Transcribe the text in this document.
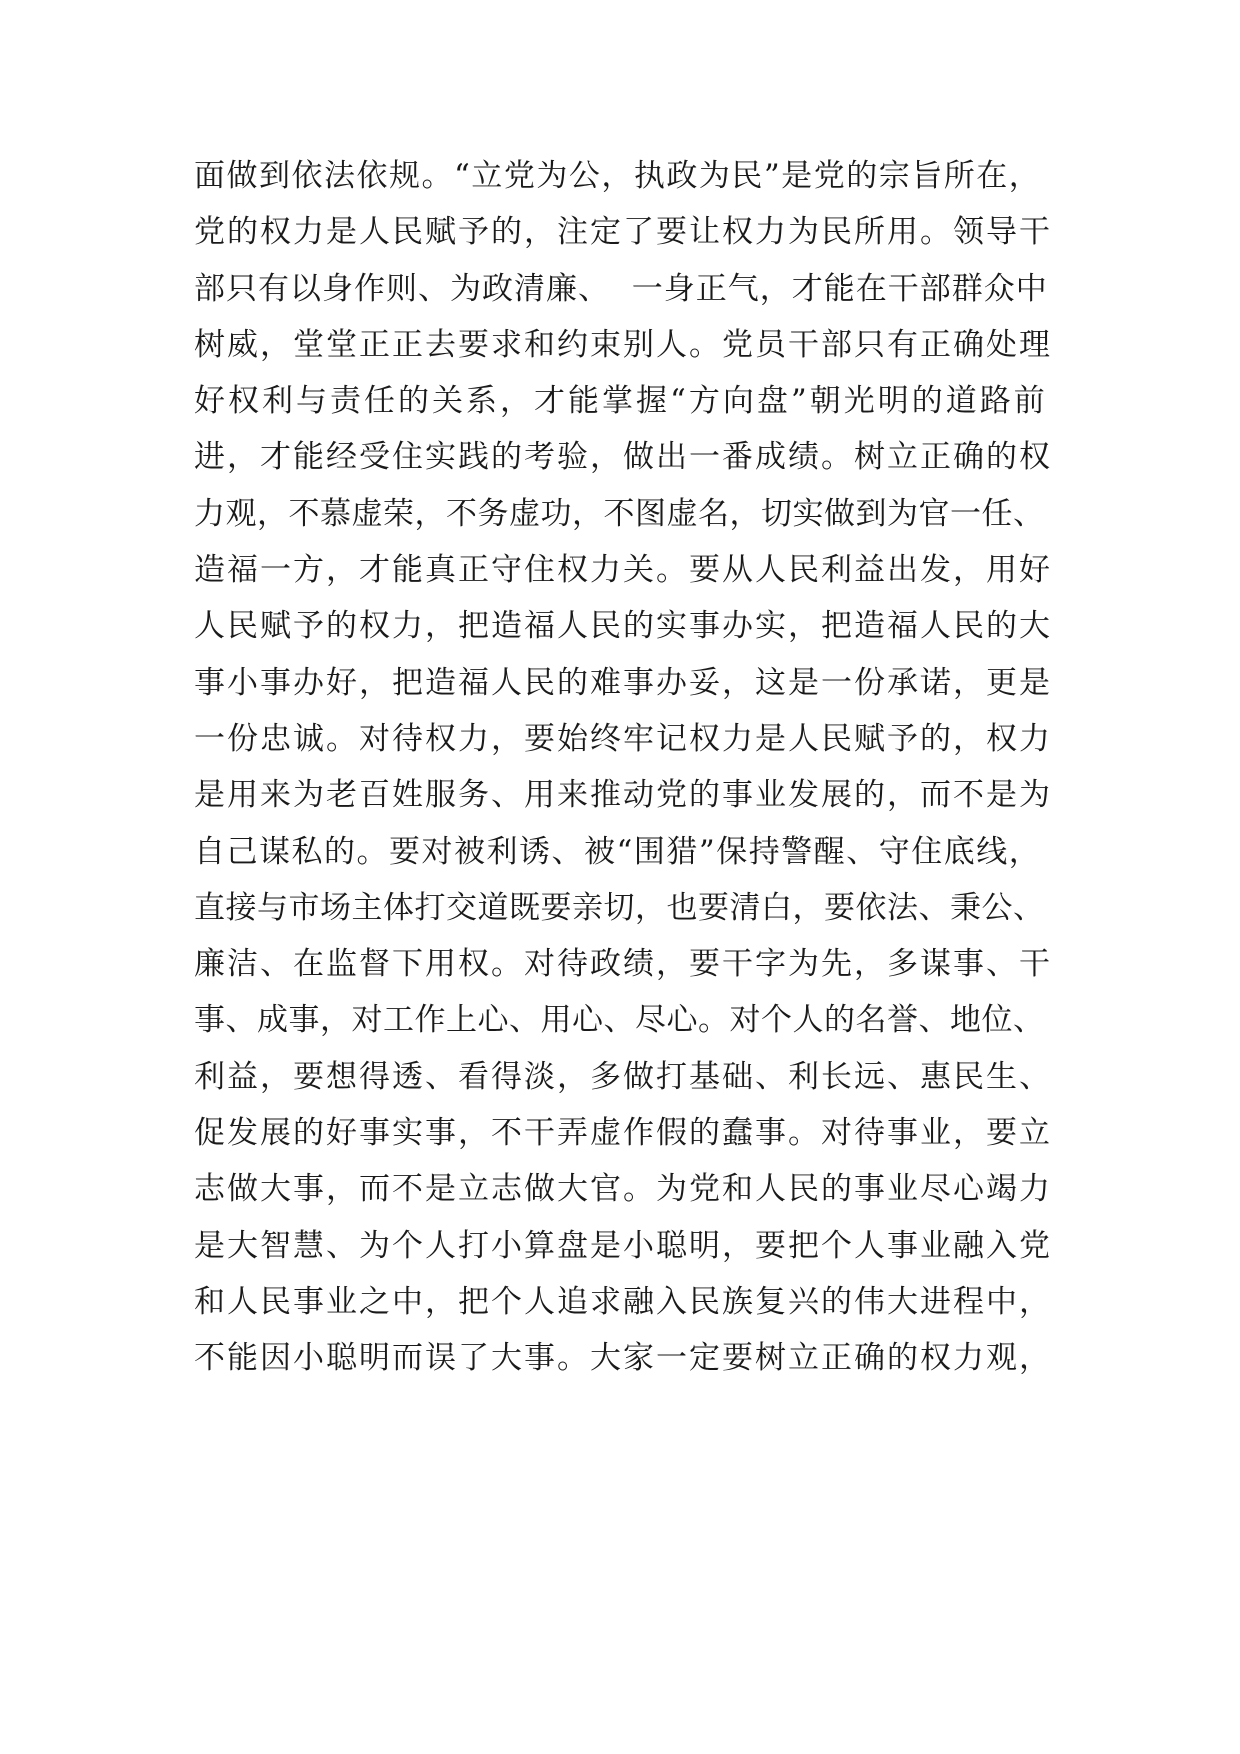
面做到依法依规。“立党为公，执政为民”是党的宗旨所在，
党的权力是人民赋予的，注定了要让权力为民所用。领导干
部只有以身作则、为政清廉、  一身正气，才能在干部群众中
树威，堂堂正正去要求和约束别人。党员干部只有正确处理
好权利与责任的关系，才能掌握“方向盘”朝光明的道路前
进，才能经受住实践的考验，做出一番成绩。树立正确的权
力观，不慕虚荣，不务虚功，不图虚名，切实做到为官一任、
造福一方，才能真正守住权力关。要从人民利益出发，用好
人民赋予的权力，把造福人民的实事办实，把造福人民的大
事小事办好，把造福人民的难事办妥，这是一份承诺，更是
一份忠诚。对待权力，要始终牢记权力是人民赋予的，权力
是用来为老百姓服务、用来推动党的事业发展的，而不是为
自己谋私的。要对被利诱、被“围猎”保持警醒、守住底线，
直接与市场主体打交道既要亲切，也要清白，要依法、秉公、
廉洁、在监督下用权。对待政绩，要干字为先，多谋事、干
事、成事，对工作上心、用心、尽心。对个人的名誉、地位、
利益，要想得透、看得淡，多做打基础、利长远、惠民生、
促发展的好事实事，不干弄虚作假的蠢事。对待事业，要立
志做大事，而不是立志做大官。为党和人民的事业尽心竭力
是大智慧、为个人打小算盘是小聪明，要把个人事业融入党
和人民事业之中，把个人追求融入民族复兴的伟大进程中，
不能因小聪明而误了大事。大家一定要树立正确的权力观，
